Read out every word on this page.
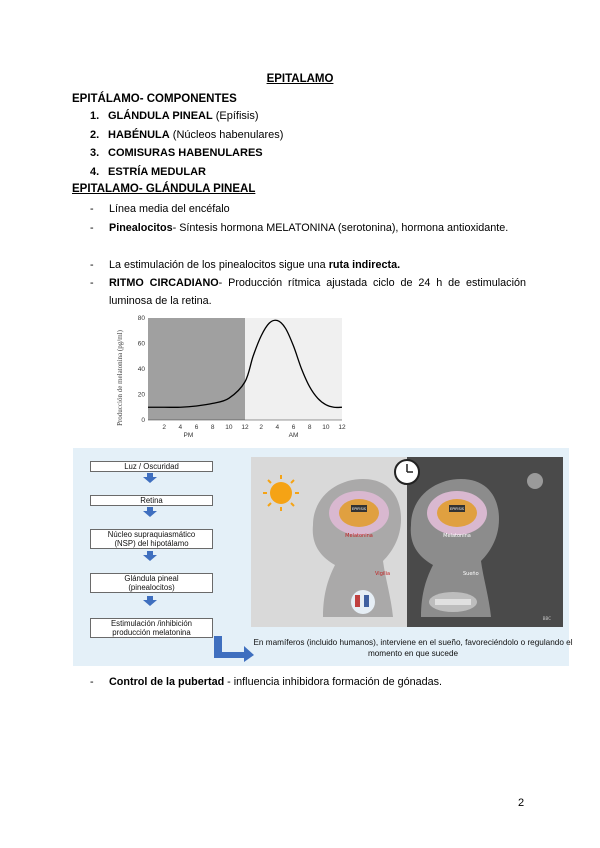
EPITALAMO
EPITÁLAMO- COMPONENTES
1. GLÁNDULA PINEAL (Epífisis)
2. HABÉNULA (Núcleos habenulares)
3. COMISURAS HABENULARES
4. ESTRÍA MEDULAR
EPITALAMO- GLÁNDULA PINEAL
- Línea media del encéfalo
- Pinealocitos- Síntesis hormona MELATONINA (serotonina), hormona antioxidante.
- La estimulación de los pinealocitos sigue una ruta indirecta.
- RITMO CIRCADIANO- Producción rítmica ajustada ciclo de 24 h de estimulación luminosa de la retina.
0
20
40
60
80
2 4 6 8 10 12 2 4 6 8 10 12
Producción de melatonina (pg/ml)
PM	AM
Luz / Oscuridad
Retina
Núcleo supraquiasmático
(NSP) del hipotálamo
Glándula pineal
(pinealocitos)
Estimulación /inhibición
producción melatonina
Melatonina
EPIFISIS
Vigilia
Melatonina
EPIFISIS
Sueño
BBC
En mamíferos (incluido humanos), interviene en el sueño, favoreciéndolo o regulando el momento en que sucede
- Control de la pubertad - influencia inhibidora formación de gónadas.
2
